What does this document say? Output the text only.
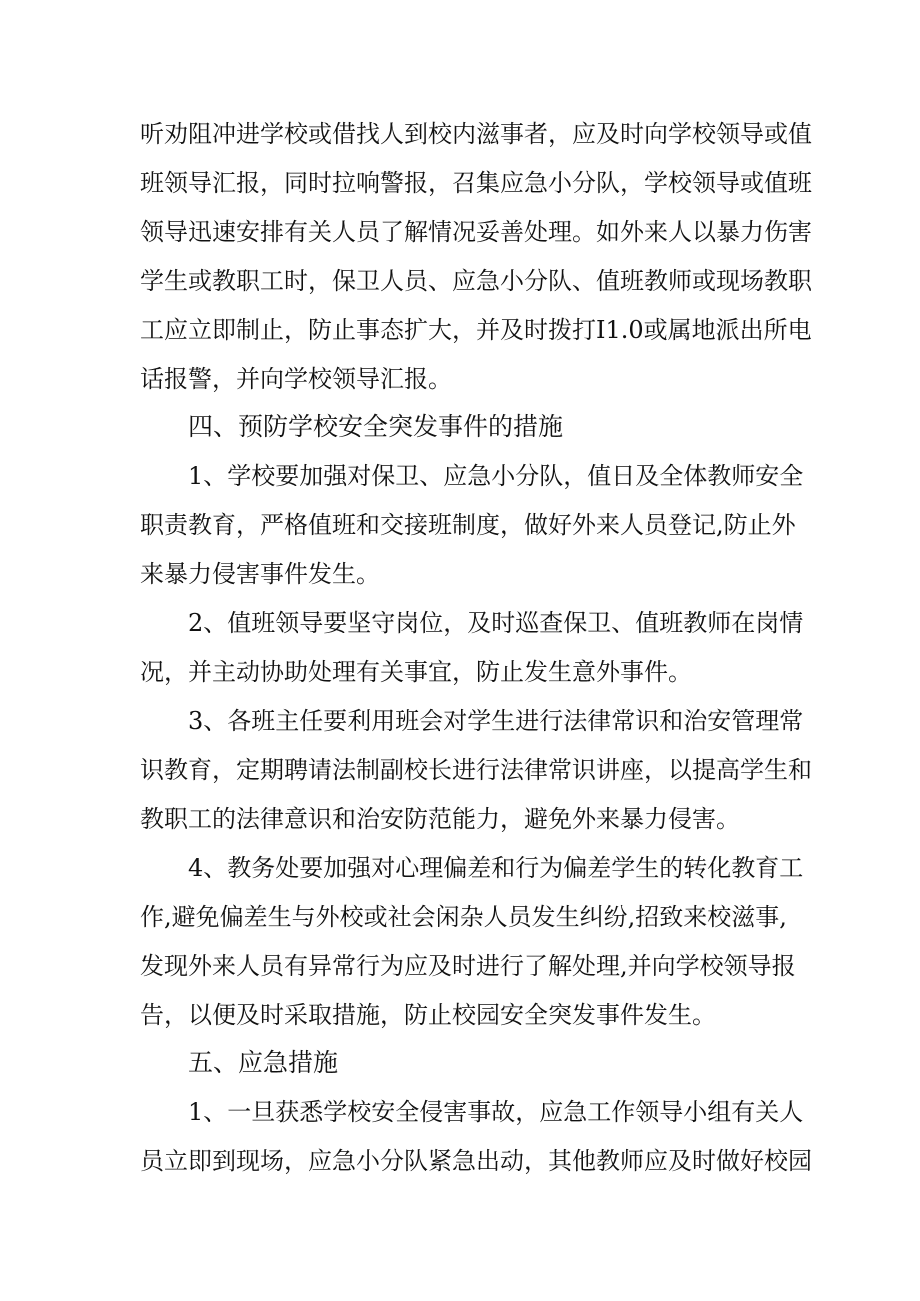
听劝阻冲进学校或借找人到校内滋事者，应及时向学校领导或值
班领导汇报，同时拉响警报，召集应急小分队，学校领导或值班
领导迅速安排有关人员了解情况妥善处理。如外来人以暴力伤害
学生或教职工时，保卫人员、应急小分队、值班教师或现场教职
工应立即制止，防止事态扩大，并及时拨打I1.0或属地派出所电
话报警，并向学校领导汇报。
四、预防学校安全突发事件的措施
1、学校要加强对保卫、应急小分队，值日及全体教师安全
职责教育，严格值班和交接班制度，做好外来人员登记,防止外
来暴力侵害事件发生。
2、值班领导要坚守岗位，及时巡查保卫、值班教师在岗情
况，并主动协助处理有关事宜，防止发生意外事件。
3、各班主任要利用班会对学生进行法律常识和治安管理常
识教育，定期聘请法制副校长进行法律常识讲座，以提高学生和
教职工的法律意识和治安防范能力，避免外来暴力侵害。
4、教务处要加强对心理偏差和行为偏差学生的转化教育工
作,避免偏差生与外校或社会闲杂人员发生纠纷,招致来校滋事,
发现外来人员有异常行为应及时进行了解处理,并向学校领导报
告，以便及时采取措施，防止校园安全突发事件发生。
五、应急措施
1、一旦获悉学校安全侵害事故，应急工作领导小组有关人
员立即到现场，应急小分队紧急出动，其他教师应及时做好校园
